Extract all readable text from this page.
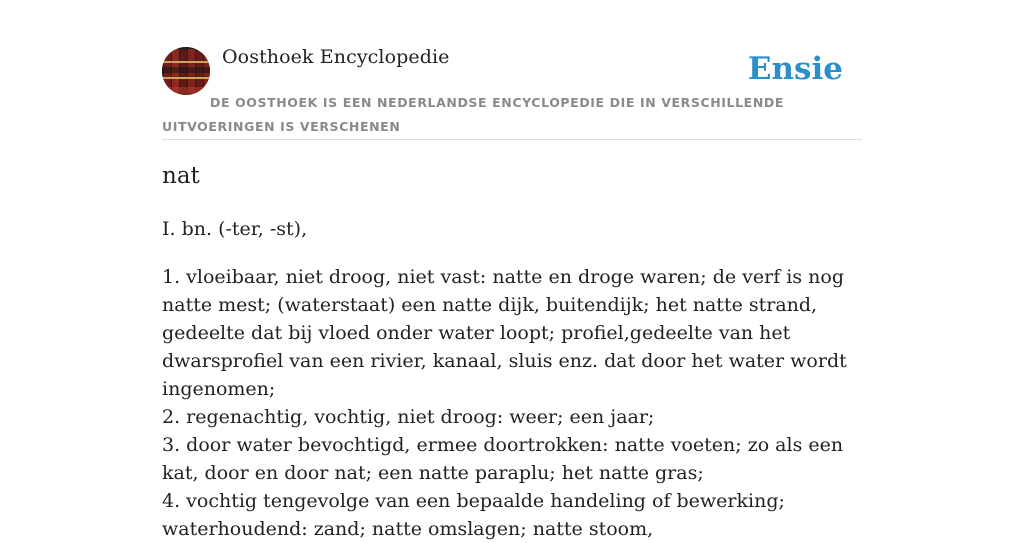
Oosthoek Encyclopedie	Ensie
DE OOSTHOEK IS EEN NEDERLANDSE ENCYCLOPEDIE DIE IN VERSCHILLENDE UITVOERINGEN IS VERSCHENEN
nat
I. bn. (-ter, -st),

1. vloeibaar, niet droog, niet vast: natte en droge waren; de verf is nog natte mest; (waterstaat) een natte dijk, buitendijk; het natte strand, gedeelte dat bij vloed onder water loopt; profiel,gedeelte van het dwarsprofiel van een rivier, kanaal, sluis enz. dat door het water wordt ingenomen;

2. regenachtig, vochtig, niet droog: weer; een jaar;

3. door water bevochtigd, ermee doortrokken: natte voeten; zo als een kat, door en door nat; een natte paraplu; het natte gras;

4. vochtig tengevolge van een bepaalde handeling of bewerking; waterhoudend: zand; natte omslagen; natte stoom,
